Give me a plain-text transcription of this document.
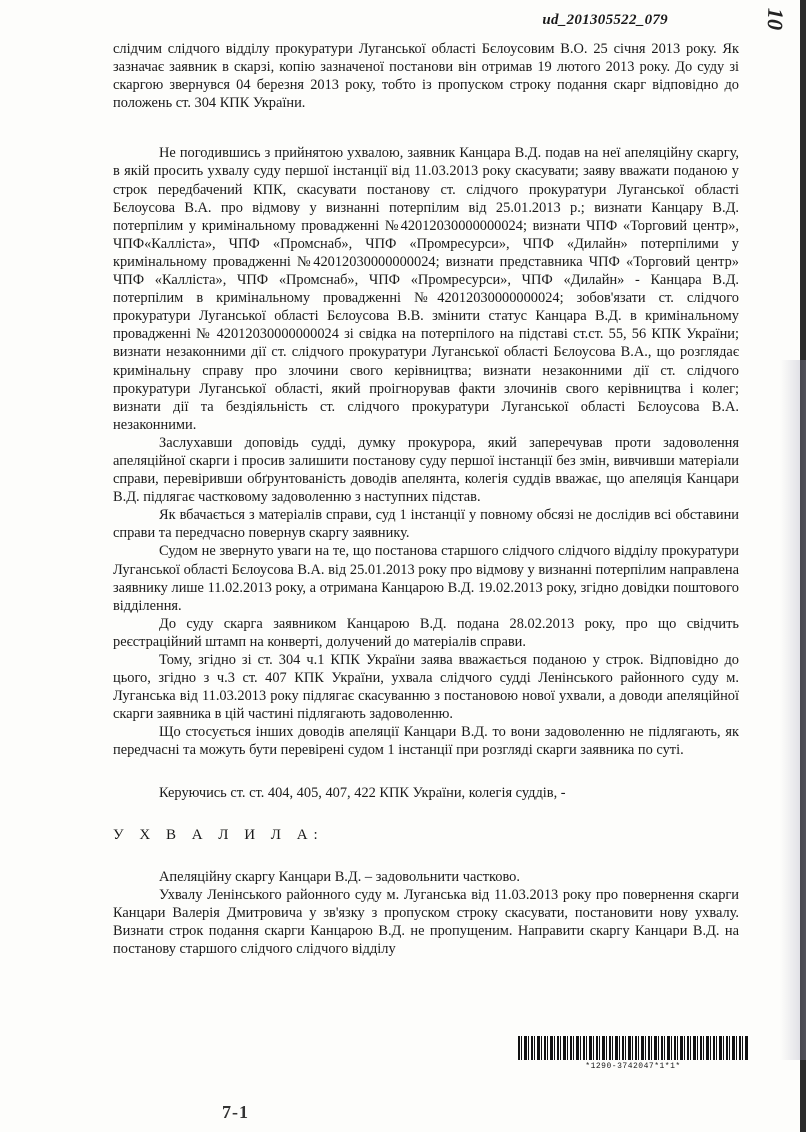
ud_201305522_079	10

слідчим слідчого відділу прокуратури Луганської області Бєлоусовим В.О. 25 січня 2013 року. Як зазначає заявник в скарзі, копію зазначеної постанови він отримав 19 лютого 2013 року. До суду зі скаргою звернувся 04 березня 2013 року, тобто із пропуском строку подання скарг відповідно до положень ст. 304 КПК України.

Не погодившись з прийнятою ухвалою, заявник Канцара В.Д. подав на неї апеляційну скаргу, в якій просить ухвалу суду першої інстанції від 11.03.2013 року скасувати; заяву вважати поданою у строк передбачений КПК, скасувати постанову ст. слідчого прокуратури Луганської області Бєлоусова В.А. про відмову у визнанні потерпілим від 25.01.2013 р.; визнати Канцару В.Д. потерпілим у кримінальному провадженні №42012030000000024; визнати ЧПФ «Торговий центр», ЧПФ«Калліста», ЧПФ «Промснаб», ЧПФ «Промресурси», ЧПФ «Дилайн» потерпілими у кримінальному провадженні №42012030000000024; визнати представника ЧПФ «Торговий центр» ЧПФ «Калліста», ЧПФ «Промснаб», ЧПФ «Промресурси», ЧПФ «Дилайн» - Канцара В.Д. потерпілим в кримінальному провадженні №42012030000000024; зобов'язати ст. слідчого прокуратури Луганської області Бєлоусова В.В. змінити статус Канцара В.Д. в кримінальному провадженні № 42012030000000024 зі свідка на потерпілого на підставі ст.ст. 55, 56 КПК України; визнати незаконними дії ст. слідчого прокуратури Луганської області Бєлоусова В.А., що розглядає кримінальну справу про злочини свого керівництва; визнати незаконними дії ст. слідчого прокуратури Луганської області, який проігнорував факти злочинів свого керівництва і колег; визнати дії та бездіяльність ст. слідчого прокуратури Луганської області Бєлоусова В.А. незаконними.

Заслухавши доповідь судді, думку прокурора, який заперечував проти задоволення апеляційної скарги і просив залишити постанову суду першої інстанції без змін, вивчивши матеріали справи, перевіривши обґрунтованість доводів апелянта, колегія суддів вважає, що апеляція Канцари В.Д. підлягає частковому задоволенню з наступних підстав.

Як вбачається з матеріалів справи, суд 1 інстанції у повному обсязі не дослідив всі обставини справи та передчасно повернув скаргу заявнику.

Судом не звернуто уваги на те, що постанова старшого слідчого слідчого відділу прокуратури Луганської області Бєлоусова В.А. від 25.01.2013 року про відмову у визнанні потерпілим направлена заявнику лише 11.02.2013 року, а отримана Канцарою В.Д. 19.02.2013 року, згідно довідки поштового відділення.

До суду скарга заявником Канцарою В.Д. подана 28.02.2013 року, про що свідчить реєстраційний штамп на конверті, долучений до матеріалів справи.

Тому, згідно зі ст. 304 ч.1 КПК України заява вважається поданою у строк. Відповідно до цього, згідно з ч.3 ст. 407 КПК України, ухвала слідчого судді Ленінського районного суду м. Луганська від 11.03.2013 року підлягає скасуванню з постановою нової ухвали, а доводи апеляційної скарги заявника в цій частині підлягають задоволенню.

Що стосується інших доводів апеляції Канцари В.Д. то вони задоволенню не підлягають, як передчасні та можуть бути перевірені судом 1 інстанції при розгляді скарги заявника по суті.

Керуючись ст. ст. 404, 405, 407, 422 КПК України, колегія суддів, -

У Х В А Л И Л А:

Апеляційну скаргу Канцари В.Д. – задовольнити частково.

Ухвалу Ленінського районного суду м. Луганська від 11.03.2013 року про повернення скарги Канцари Валерія Дмитровича у зв'язку з пропуском строку скасувати, постановити нову ухвалу. Визнати строк подання скарги Канцарою В.Д. не пропущеним. Направити скаргу Канцари В.Д. на постанову старшого слідчого слідчого відділу

*1290-3742047*1*1*
7-1
